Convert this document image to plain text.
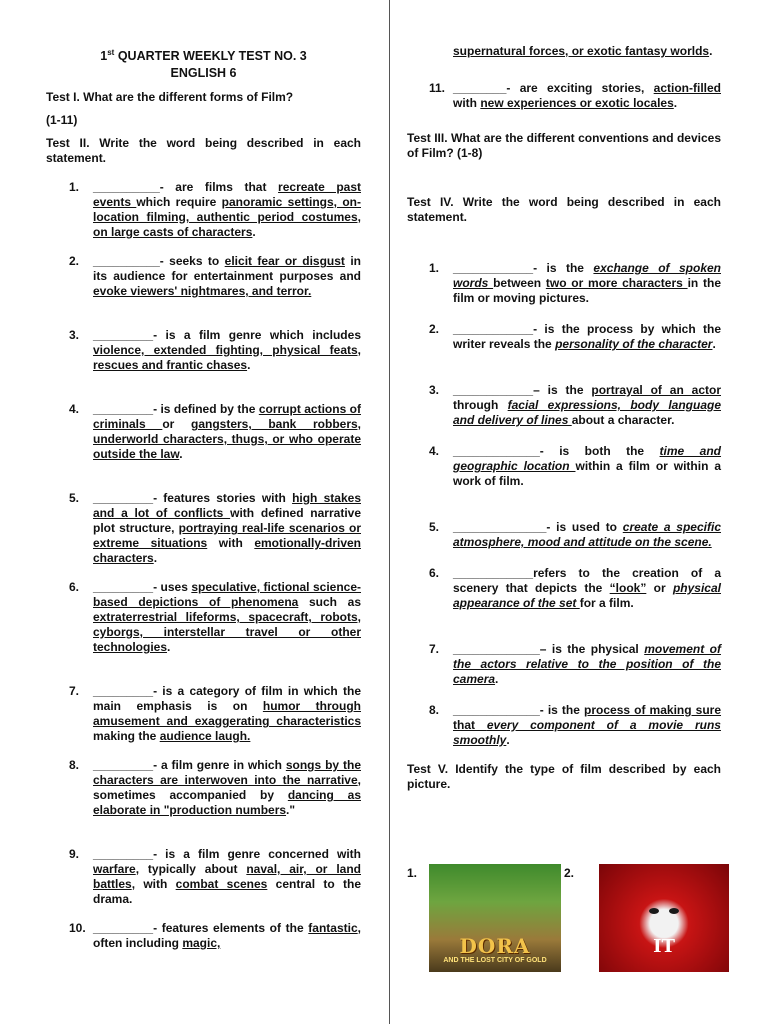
1st QUARTER WEEKLY TEST NO. 3
ENGLISH 6

Test I. What are the different forms of Film?

(1-11)

Test II. Write the word being described in each statement.

1.	__________- are films that recreate past events which require panoramic settings, on-location filming, authentic period costumes, on large casts of characters.
2.	__________- seeks to elicit fear or disgust in its audience for entertainment purposes and evoke viewers' nightmares, and terror.
3.	_________- is a film genre which includes violence, extended fighting, physical feats, rescues and frantic chases.
4.	_________- is defined by the corrupt actions of criminals or gangsters, bank robbers, underworld characters, thugs, or who operate outside the law.
5.	_________- features stories with high stakes and a lot of conflicts with defined narrative plot structure, portraying real-life scenarios or extreme situations with emotionally-driven characters.
6.	_________- uses speculative, fictional science-based depictions of phenomena such as extraterrestrial lifeforms, spacecraft, robots, cyborgs, interstellar travel or other technologies.
7.	_________- is a category of film in which the main emphasis is on humor through amusement and exaggerating characteristics making the audience laugh.
8.	_________- a film genre in which songs by the characters are interwoven into the narrative, sometimes accompanied by dancing as elaborate in "production numbers."
9.	_________- is a film genre concerned with warfare, typically about naval, air, or land battles, with combat scenes central to the drama.
10. _________- features elements of the fantastic, often including magic,
supernatural forces, or exotic fantasy worlds.
11. ________- are exciting stories, action-filled with new experiences or exotic locales.

Test III. What are the different conventions and devices of Film? (1-8)

Test IV. Write the word being described in each statement.

1.	____________- is the exchange of spoken words between two or more characters in the film or moving pictures.
2.	____________- is the process by which the writer reveals the personality of the character.
3.	____________– is the portrayal of an actor through facial expressions, body language and delivery of lines about a character.
4.	_____________- is both the time and geographic location within a film or within a work of film.
5.	______________- is used to create a specific atmosphere, mood and attitude on the scene.
6.	____________refers to the creation of a scenery that depicts the “look” or physical appearance of the set for a film.
7.	_____________– is the physical movement of the actors relative to the position of the camera.
8.	_____________- is the process of making sure that every component of a movie runs smoothly.

Test V. Identify the type of film described by each picture.

1.
DORA
AND THE LOST CITY OF GOLD
2.
IT
